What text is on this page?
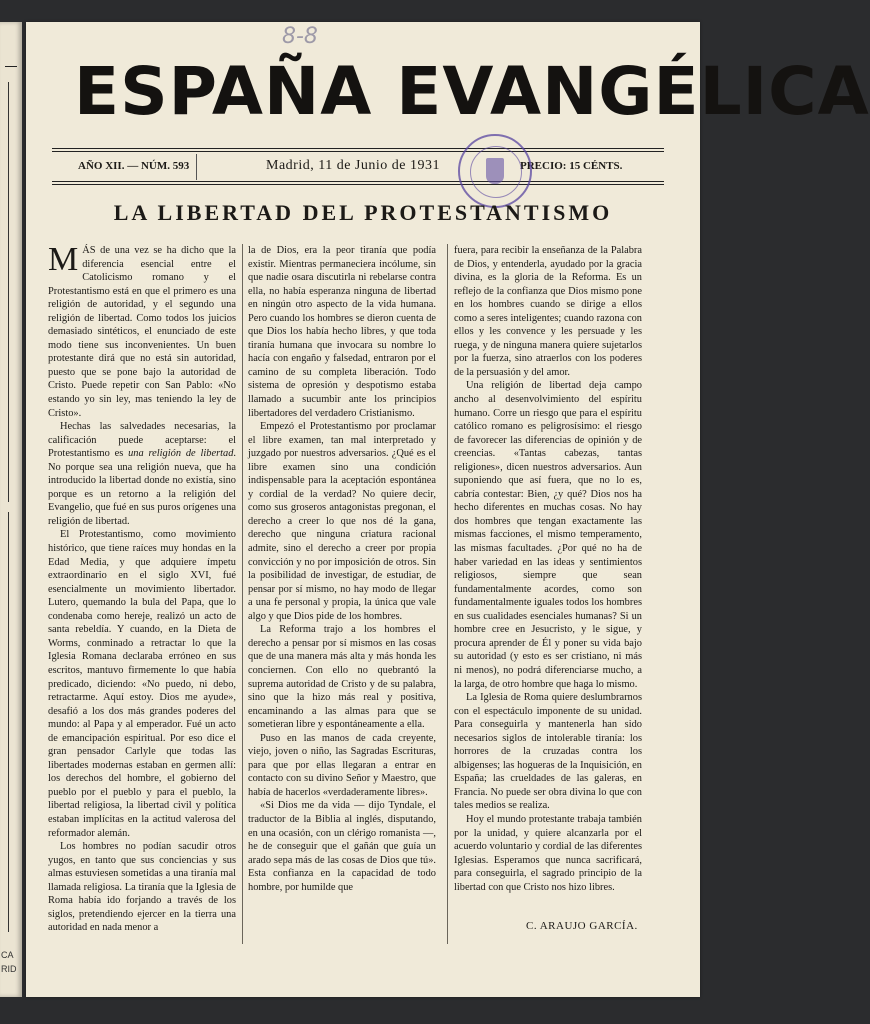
CA
RID
8-8
ESPAÑA EVANGÉLICA
AÑO XII. — NÚM. 593	Madrid, 11 de Junio de 1931	PRECIO: 15 CÉNTS.
LA LIBERTAD DEL PROTESTANTISMO

MÁS de una vez se ha dicho que la diferencia esencial entre el Catolicismo romano y el Protestantismo está en que el primero es una religión de autoridad, y el segundo una religión de libertad. Como todos los juicios demasiado sintéticos, el enunciado de este modo tiene sus inconvenientes. Un buen protestante dirá que no está sin autoridad, puesto que se pone bajo la autoridad de Cristo. Puede repetir con San Pablo: «No estando yo sin ley, mas teniendo la ley de Cristo».

Hechas las salvedades necesarias, la calificación puede aceptarse: el Protestantismo es una religión de libertad. No porque sea una religión nueva, que ha introducido la libertad donde no existía, sino porque es un retorno a la religión del Evangelio, que fué en sus puros orígenes una religión de libertad.

El Protestantismo, como movimiento histórico, que tiene raíces muy hondas en la Edad Media, y que adquiere ímpetu extraordinario en el siglo XVI, fué esencialmente un movimiento libertador. Lutero, quemando la bula del Papa, que lo condenaba como hereje, realizó un acto de santa rebeldía. Y cuando, en la Dieta de Worms, conminado a retractar lo que la Iglesia Romana declaraba erróneo en sus escritos, mantuvo firmemente lo que había predicado, diciendo: «No puedo, ni debo, retractarme. Aquí estoy. Dios me ayude», desafió a los dos más grandes poderes del mundo: al Papa y al emperador. Fué un acto de emancipación espiritual. Por eso dice el gran pensador Carlyle que todas las libertades modernas estaban en germen allí: los derechos del hombre, el gobierno del pueblo por el pueblo y para el pueblo, la libertad religiosa, la libertad civil y política estaban implícitas en la actitud valerosa del reformador alemán.

Los hombres no podían sacudir otros yugos, en tanto que sus conciencias y sus almas estuviesen sometidas a una tiranía mal llamada religiosa. La tiranía que la Iglesia de Roma había ido forjando a través de los siglos, pretendiendo ejercer en la tierra una autoridad en nada menor a

la de Dios, era la peor tiranía que podía existir. Mientras permaneciera incólume, sin que nadie osara discutirla ni rebelarse contra ella, no había esperanza ninguna de libertad en ningún otro aspecto de la vida humana. Pero cuando los hombres se dieron cuenta de que Dios los había hecho libres, y que toda tiranía humana que invocara su nombre lo hacía con engaño y falsedad, entraron por el camino de su completa liberación. Todo sistema de opresión y despotismo estaba llamado a sucumbir ante los principios libertadores del verdadero Cristianismo.

Empezó el Protestantismo por proclamar el libre examen, tan mal interpretado y juzgado por nuestros adversarios. ¿Qué es el libre examen sino una condición indispensable para la aceptación espontánea y cordial de la verdad? No quiere decir, como sus groseros antagonistas pregonan, el derecho a creer lo que nos dé la gana, derecho que ninguna criatura racional admite, sino el derecho a creer por propia convicción y no por imposición de otros. Sin la posibilidad de investigar, de estudiar, de pensar por sí mismo, no hay modo de llegar a una fe personal y propia, la única que vale algo y que Dios pide de los hombres.

La Reforma trajo a los hombres el derecho a pensar por sí mismos en las cosas que de una manera más alta y más honda les conciernen. Con ello no quebrantó la suprema autoridad de Cristo y de su palabra, sino que la hizo más real y positiva, encaminando a las almas para que se sometieran libre y espontáneamente a ella.

Puso en las manos de cada creyente, viejo, joven o niño, las Sagradas Escrituras, para que por ellas llegaran a entrar en contacto con su divino Señor y Maestro, que había de hacerlos «verdaderamente libres».

«Si Dios me da vida — dijo Tyndale, el traductor de la Biblia al inglés, disputando, en una ocasión, con un clérigo romanista —, he de conseguir que el gañán que guía un arado sepa más de las cosas de Dios que tú». Esta confianza en la capacidad de todo hombre, por humilde que

fuera, para recibir la enseñanza de la Palabra de Dios, y entenderla, ayudado por la gracia divina, es la gloria de la Reforma. Es un reflejo de la confianza que Dios mismo pone en los hombres cuando se dirige a ellos como a seres inteligentes; cuando razona con ellos y les convence y les persuade y les ruega, y de ninguna manera quiere sujetarlos por la fuerza, sino atraerlos con los poderes de la persuasión y del amor.

Una religión de libertad deja campo ancho al desenvolvimiento del espíritu humano. Corre un riesgo que para el espíritu católico romano es peligrosísimo: el riesgo de favorecer las diferencias de opinión y de creencias. «Tantas cabezas, tantas religiones», dicen nuestros adversarios. Aun suponiendo que así fuera, que no lo es, cabría contestar: Bien, ¿y qué? Dios nos ha hecho diferentes en muchas cosas. No hay dos hombres que tengan exactamente las mismas facciones, el mismo temperamento, las mismas facultades. ¿Por qué no ha de haber variedad en las ideas y sentimientos religiosos, siempre que sean fundamentalmente acordes, como son fundamentalmente iguales todos los hombres en sus cualidades esenciales humanas? Si un hombre cree en Jesucristo, y le sigue, y procura aprender de Él y poner su vida bajo su autoridad (y esto es ser cristiano, ni más ni menos), no podrá diferenciarse mucho, a la larga, de otro hombre que haga lo mismo.

La Iglesia de Roma quiere deslumbrarnos con el espectáculo imponente de su unidad. Para conseguirla y mantenerla han sido necesarios siglos de intolerable tiranía: los horrores de la cruzadas contra los albigenses; las hogueras de la Inquisición, en España; las crueldades de las galeras, en Francia. No puede ser obra divina lo que con tales medios se realiza.

Hoy el mundo protestante trabaja también por la unidad, y quiere alcanzarla por el acuerdo voluntario y cordial de las diferentes Iglesias. Esperamos que nunca sacrificará, para conseguirla, el sagrado principio de la libertad con que Cristo nos hizo libres.

C. ARAUJO GARCÍA.
